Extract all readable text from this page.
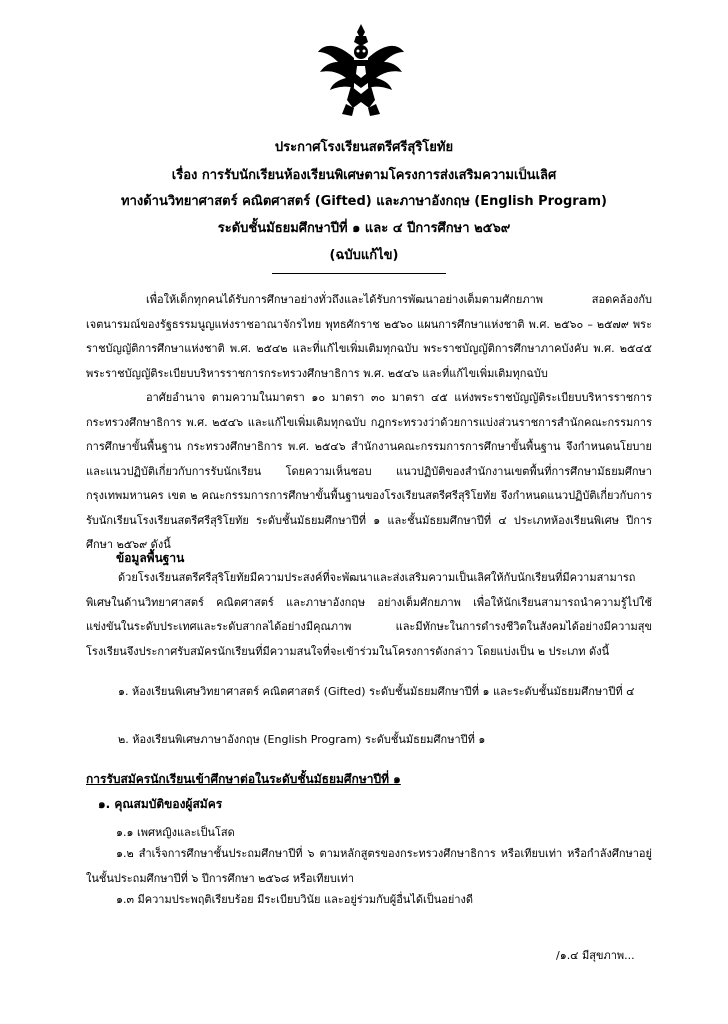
ประกาศโรงเรียนสตรีศรีสุริโยทัย

เรื่อง การรับนักเรียนห้องเรียนพิเศษตามโครงการส่งเสริมความเป็นเลิศ

ทางด้านวิทยาศาสตร์ คณิตศาสตร์ (Gifted) และภาษาอังกฤษ (English Program)

ระดับชั้นมัธยมศึกษาปีที่ ๑ และ ๔ ปีการศึกษา ๒๕๖๙

(ฉบับแก้ไข)

เพื่อให้เด็กทุกคนได้รับการศึกษาอย่างทั่วถึงและได้รับการพัฒนาอย่างเต็มตามศักยภาพ สอดคล้องกับเจตนารมณ์ของรัฐธรรมนูญแห่งราชอาณาจักรไทย พุทธศักราช ๒๕๖๐ แผนการศึกษาแห่งชาติ พ.ศ. ๒๕๖๐ – ๒๕๗๙ พระราชบัญญัติการศึกษาแห่งชาติ พ.ศ. ๒๕๔๒ และที่แก้ไขเพิ่มเติมทุกฉบับ พระราชบัญญัติการศึกษาภาคบังคับ พ.ศ. ๒๕๔๕ พระราชบัญญัติระเบียบบริหารราชการกระทรวงศึกษาธิการ พ.ศ. ๒๕๔๖ และที่แก้ไขเพิ่มเติมทุกฉบับ

อาศัยอำนาจ ตามความในมาตรา ๑๐ มาตรา ๓๐ มาตรา ๔๕ แห่งพระราชบัญญัติระเบียบบริหารราชการกระทรวงศึกษาธิการ พ.ศ. ๒๕๔๖ และแก้ไขเพิ่มเติมทุกฉบับ กฎกระทรวงว่าด้วยการแบ่งส่วนราชการสำนักคณะกรรมการการศึกษาขั้นพื้นฐาน กระทรวงศึกษาธิการ พ.ศ. ๒๕๔๖ สำนักงานคณะกรรมการการศึกษาขั้นพื้นฐาน จึงกำหนดนโยบายและแนวปฏิบัติเกี่ยวกับการรับนักเรียน โดยความเห็นชอบ แนวปฏิบัติของสำนักงานเขตพื้นที่การศึกษามัธยมศึกษากรุงเทพมหานคร เขต ๒ คณะกรรมการการศึกษาขั้นพื้นฐานของโรงเรียนสตรีศรีสุริโยทัย จึงกำหนดแนวปฏิบัติเกี่ยวกับการรับนักเรียนโรงเรียนสตรีศรีสุริโยทัย ระดับชั้นมัธยมศึกษาปีที่ ๑ และชั้นมัธยมศึกษาปีที่ ๔ ประเภทห้องเรียนพิเศษ ปีการศึกษา ๒๕๖๙ ดังนี้

ข้อมูลพื้นฐาน

ด้วยโรงเรียนสตรีศรีสุริโยทัยมีความประสงค์ที่จะพัฒนาและส่งเสริมความเป็นเลิศให้กับนักเรียนที่มีความสามารถพิเศษในด้านวิทยาศาสตร์ คณิตศาสตร์ และภาษาอังกฤษ อย่างเต็มศักยภาพ เพื่อให้นักเรียนสามารถนำความรู้ไปใช้แข่งขันในระดับประเทศและระดับสากลได้อย่างมีคุณภาพ และมีทักษะในการดำรงชีวิตในสังคมได้อย่างมีความสุข โรงเรียนจึงประกาศรับสมัครนักเรียนที่มีความสนใจที่จะเข้าร่วมในโครงการดังกล่าว โดยแบ่งเป็น ๒ ประเภท ดังนี้

๑. ห้องเรียนพิเศษวิทยาศาสตร์ คณิตศาสตร์ (Gifted) ระดับชั้นมัธยมศึกษาปีที่ ๑ และระดับชั้นมัธยมศึกษาปีที่ ๔

๒. ห้องเรียนพิเศษภาษาอังกฤษ (English Program) ระดับชั้นมัธยมศึกษาปีที่ ๑

การรับสมัครนักเรียนเข้าศึกษาต่อในระดับชั้นมัธยมศึกษาปีที่ ๑

๑. คุณสมบัติของผู้สมัคร

๑.๑ เพศหญิงและเป็นโสด

๑.๒ สำเร็จการศึกษาชั้นประถมศึกษาปีที่ ๖ ตามหลักสูตรของกระทรวงศึกษาธิการ หรือเทียบเท่า หรือกำลังศึกษาอยู่ในชั้นประถมศึกษาปีที่ ๖ ปีการศึกษา ๒๕๖๘ หรือเทียบเท่า

๑.๓ มีความประพฤติเรียบร้อย มีระเบียบวินัย และอยู่ร่วมกับผู้อื่นได้เป็นอย่างดี

/๑.๔ มีสุขภาพ...
